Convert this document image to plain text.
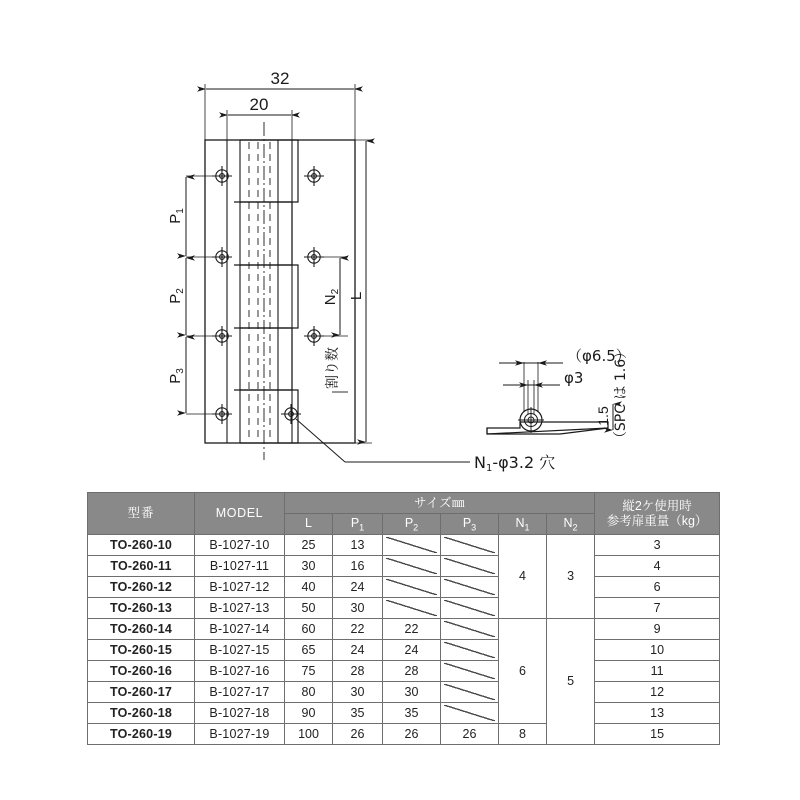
32
20
$P_1$
$P_2$
$P_3$
L
$N_2$
割り数
N1-φ3.2 穴
（φ6.5）
φ3
1.5 （SPC は 1.6）
型番	MODEL	サイズ㎜						縦2ケ使用時
参考扉重量（kg）

		L	$P_1$	$P_2$	$P_3$	$N_1$	$N_2$
TO-260-10	B-1027-10	25	13			4	3	3
TO-260-11	B-1027-11	30	16					4
TO-260-12	B-1027-12	40	24					6
TO-260-13	B-1027-13	50	30					7
TO-260-14	B-1027-14	60	22	22		6	5	9
TO-260-15	B-1027-15	65	24	24				10
TO-260-16	B-1027-16	75	28	28				11
TO-260-17	B-1027-17	80	30	30				12
TO-260-18	B-1027-18	90	35	35				13
TO-260-19	B-1027-19	100	26	26	26	8		15
